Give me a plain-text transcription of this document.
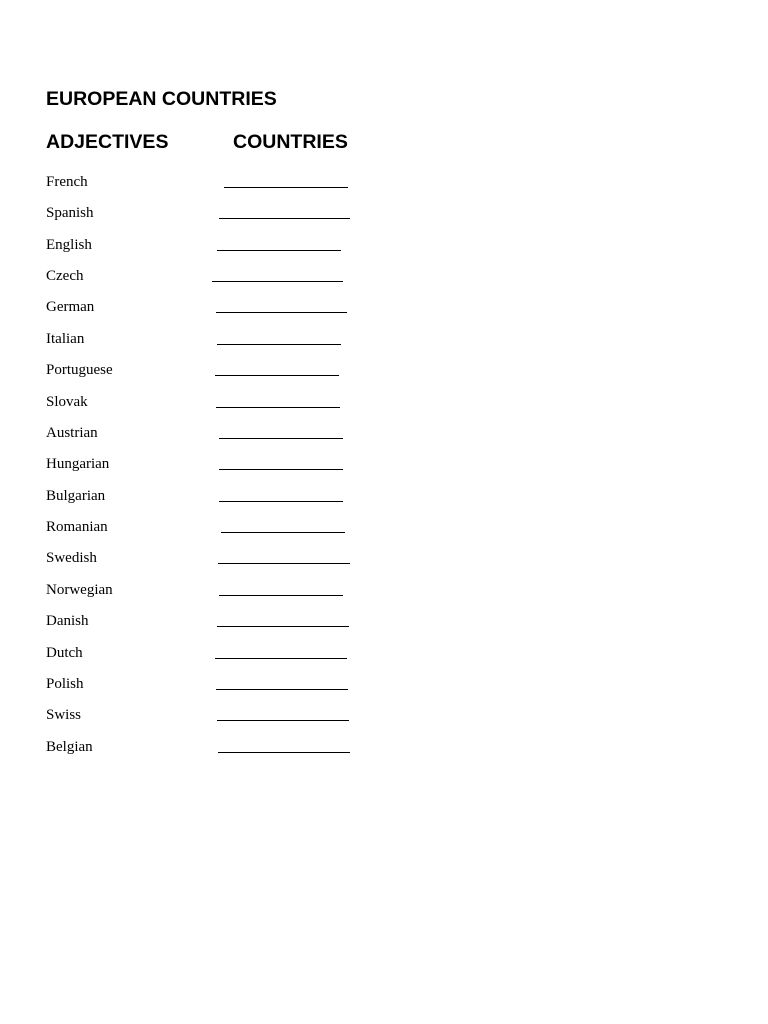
EUROPEAN COUNTRIES
ADJECTIVES	COUNTRIES
French
Spanish
English
Czech
German
Italian
Portuguese
Slovak
Austrian
Hungarian
Bulgarian
Romanian
Swedish
Norwegian
Danish
Dutch
Polish
Swiss
Belgian
